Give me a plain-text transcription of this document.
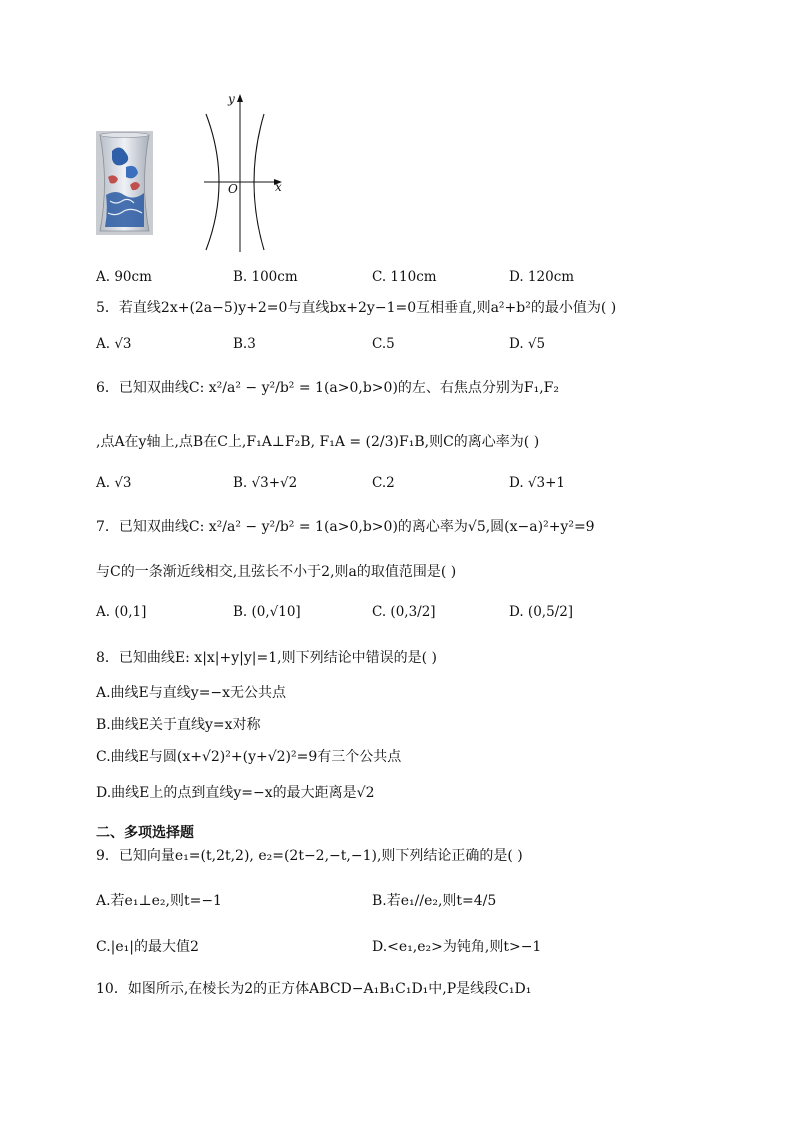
y
x
O
A. 90cm	B. 100cm	C. 110cm	D. 120cm
5．若直线2x+(2a−5)y+2=0与直线bx+2y−1=0互相垂直,则a²+b²的最小值为( )
A. √3	B.3	C.5	D. √5
6．已知双曲线C: x²/a² − y²/b² = 1(a>0,b>0)的左、右焦点分别为F₁,F₂
,点A在y轴上,点B在C上,F₁A⊥F₂B, F₁A = (2/3)F₁B,则C的离心率为( )
A. √3	B. √3+√2	C.2	D. √3+1
7．已知双曲线C: x²/a² − y²/b² = 1(a>0,b>0)的离心率为√5,圆(x−a)²+y²=9
与C的一条渐近线相交,且弦长不小于2,则a的取值范围是( )
A. (0,1]	B. (0,√10]	C. (0,3/2]	D. (0,5/2]
8．已知曲线E: x|x|+y|y|=1,则下列结论中错误的是( )
A.曲线E与直线y=−x无公共点
B.曲线E关于直线y=x对称
C.曲线E与圆(x+√2)²+(y+√2)²=9有三个公共点
D.曲线E上的点到直线y=−x的最大距离是√2
二、多项选择题
9．已知向量e₁=(t,2t,2), e₂=(2t−2,−t,−1),则下列结论正确的是( )
A.若e₁⊥e₂,则t=−1	B.若e₁//e₂,则t=4/5
C.|e₁|的最大值2	D.<e₁,e₂>为钝角,则t>−1
10．如图所示,在棱长为2的正方体ABCD−A₁B₁C₁D₁中,P是线段C₁D₁
